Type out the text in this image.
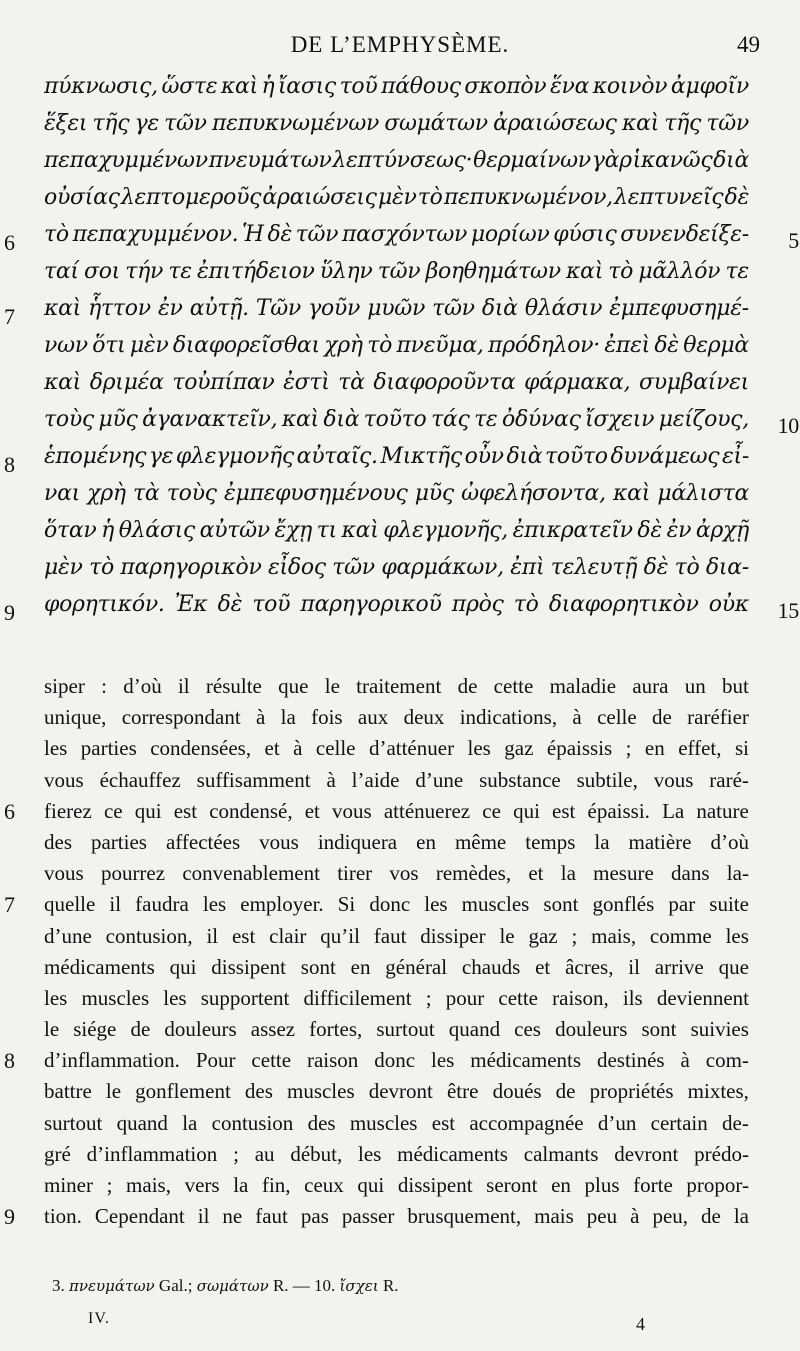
DE L’EMPHYSÈME.	49
πύκνωσις, ὥστε καὶ ἡ ἴασις τοῦ πάθους σκοπὸν ἕνα κοινὸν ἀμφοῖν
ἕξει τῆς γε τῶν πεπυκνωμένων σωμάτων ἀραιώσεως καὶ τῆς τῶν
πεπαχυμμένων πνευμάτων λεπτύνσεως· θερμαίνων γὰρ ἱκανῶς διὰ
οὐσίας λεπτομεροῦς ἀραιώσεις μὲν τὸ πεπυκνωμένον, λεπτυνεῖς δὲ
τὸ πεπαχυμμένον. Ἡ δὲ τῶν πασχόντων μορίων φύσις συνενδείξε-
6	5
ταί σοι τήν τε ἐπιτήδειον ὕλην τῶν βοηθημάτων καὶ τὸ μᾶλλόν τε
καὶ ἧττον ἐν αὐτῇ. Τῶν γοῦν μυῶν τῶν διὰ θλάσιν ἐμπεφυσημέ-
7
νων ὅτι μὲν διαφορεῖσθαι χρὴ τὸ πνεῦμα, πρόδηλον· ἐπεὶ δὲ θερμὰ
καὶ δριμέα τοὐπίπαν ἐστὶ τὰ διαφοροῦντα φάρμακα, συμβαίνει
τοὺς μῦς ἀγανακτεῖν, καὶ διὰ τοῦτο τάς τε ὀδύνας ἴσχειν μείζους, 10
ἑπομένης γε φλεγμονῆς αὐταῖς. Μικτῆς οὖν διὰ τοῦτο δυνάμεως εἶ-
8
ναι χρὴ τὰ τοὺς ἐμπεφυσημένους μῦς ὠφελήσοντα, καὶ μάλιστα
ὅταν ἡ θλάσις αὐτῶν ἔχῃ τι καὶ φλεγμονῆς, ἐπικρατεῖν δὲ ἐν ἀρχῇ
μὲν τὸ παρηγορικὸν εἶδος τῶν φαρμάκων, ἐπὶ τελευτῇ δὲ τὸ δια-
φορητικόν. Ἐκ δὲ τοῦ παρηγορικοῦ πρὸς τὸ διαφορητικὸν οὐκ
9	15
siper : d’où il résulte que le traitement de cette maladie aura un but
unique, correspondant à la fois aux deux indications, à celle de raréfier
les parties condensées, et à celle d’atténuer les gaz épaissis ; en effet, si
vous échauffez suffisamment à l’aide d’une substance subtile, vous raré-
fierez ce qui est condensé, et vous atténuerez ce qui est épaissi. La nature
6
des parties affectées vous indiquera en même temps la matière d’où
vous pourrez convenablement tirer vos remèdes, et la mesure dans la-
quelle il faudra les employer. Si donc les muscles sont gonflés par suite
7
d’une contusion, il est clair qu’il faut dissiper le gaz ; mais, comme les
médicaments qui dissipent sont en général chauds et âcres, il arrive que
les muscles les supportent difficilement ; pour cette raison, ils deviennent
le siége de douleurs assez fortes, surtout quand ces douleurs sont suivies
d’inflammation. Pour cette raison donc les médicaments destinés à com-
8
battre le gonflement des muscles devront être doués de propriétés mixtes,
surtout quand la contusion des muscles est accompagnée d’un certain de-
gré d’inflammation ; au début, les médicaments calmants devront prédo-
miner ; mais, vers la fin, ceux qui dissipent seront en plus forte propor-
tion. Cependant il ne faut pas passer brusquement, mais peu à peu, de la
9
3. πνευμάτων Gal.; σωμάτων R. — 10. ἴσχει R.
IV.	4
